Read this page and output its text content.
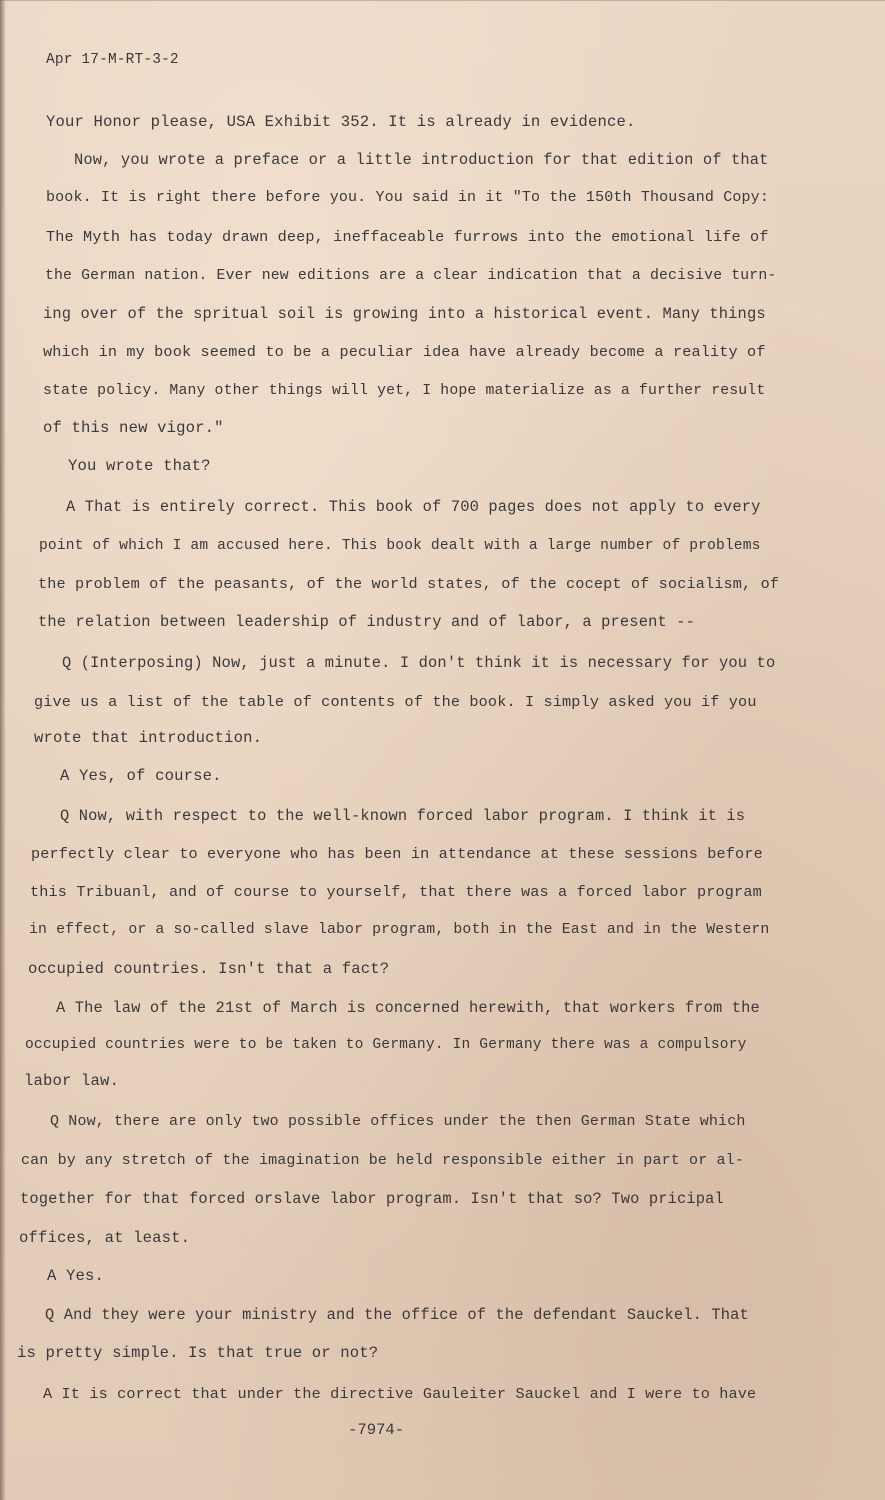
Apr 17-M-RT-3-2
Your Honor please, USA Exhibit 352. It is already in evidence.
Now, you wrote a preface or a little introduction for that edition of that
book. It is right there before you. You said in it "To the 150th Thousand Copy:
The Myth has today drawn deep, ineffaceable furrows into the emotional life of
the German nation. Ever new editions are a clear indication that a decisive turn-
ing over of the spritual soil is growing into a historical event. Many things
which in my book seemed to be a peculiar idea have already become a reality of
state policy. Many other things will yet, I hope materialize as a further result
of this new vigor."
You wrote that?
A That is entirely correct. This book of 700 pages does not apply to every
point of which I am accused here. This book dealt with a large number of problems
the problem of the peasants, of the world states, of the cocept of socialism, of
the relation between leadership of industry and of labor, a present --
Q (Interposing) Now, just a minute. I don't think it is necessary for you to
give us a list of the table of contents of the book. I simply asked you if you
wrote that introduction.
A Yes, of course.
Q Now, with respect to the well-known forced labor program. I think it is
perfectly clear to everyone who has been in attendance at these sessions before
this Tribuanl, and of course to yourself, that there was a forced labor program
in effect, or a so-called slave labor program, both in the East and in the Western
occupied countries. Isn't that a fact?
A The law of the 21st of March is concerned herewith, that workers from the
occupied countries were to be taken to Germany. In Germany there was a compulsory
labor law.
Q Now, there are only two possible offices under the then German State which
can by any stretch of the imagination be held responsible either in part or al-
together for that forced orslave labor program. Isn't that so? Two pricipal
offices, at least.
A Yes.
Q And they were your ministry and the office of the defendant Sauckel. That
is pretty simple. Is that true or not?
A It is correct that under the directive Gauleiter Sauckel and I were to have
-7974-
